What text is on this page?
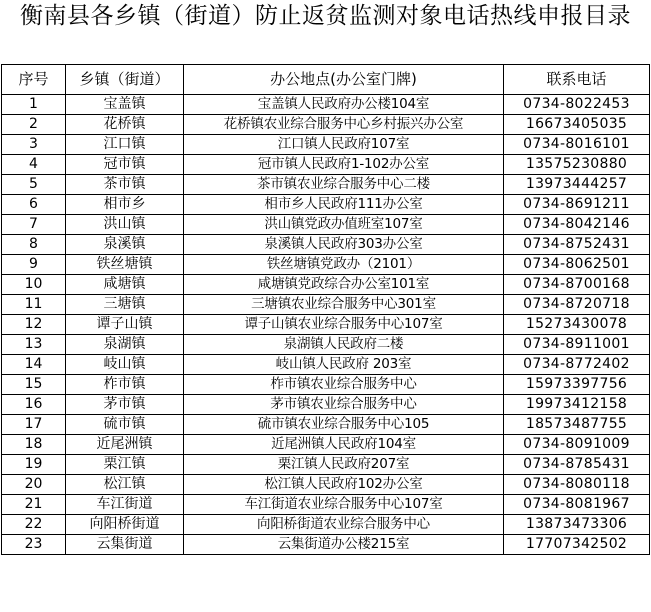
衡南县各乡镇（街道）防止返贫监测对象电话热线申报目录
序号	乡镇（街道）	办公地点(办公室门牌)	联系电话
1	宝盖镇	宝盖镇人民政府办公楼104室	0734-8022453
2	花桥镇	花桥镇农业综合服务中心乡村振兴办公室	16673405035
3	江口镇	江口镇人民政府107室	0734-8016101
4	冠市镇	冠市镇人民政府1-102办公室	13575230880
5	茶市镇	茶市镇农业综合服务中心二楼	13973444257
6	相市乡	相市乡人民政府111办公室	0734-8691211
7	洪山镇	洪山镇党政办值班室107室	0734-8042146
8	泉溪镇	泉溪镇人民政府303办公室	0734-8752431
9	铁丝塘镇	铁丝塘镇党政办（2101）	0734-8062501
10	咸塘镇	咸塘镇党政综合办公室101室	0734-8700168
11	三塘镇	三塘镇农业综合服务中心301室	0734-8720718
12	谭子山镇	谭子山镇农业综合服务中心107室	15273430078
13	泉湖镇	泉湖镇人民政府二楼	0734-8911001
14	岐山镇	岐山镇人民政府 203室	0734-8772402
15	柞市镇	柞市镇农业综合服务中心	15973397756
16	茅市镇	茅市镇农业综合服务中心	19973412158
17	硫市镇	硫市镇农业综合服务中心105	18573487755
18	近尾洲镇	近尾洲镇人民政府104室	0734-8091009
19	栗江镇	栗江镇人民政府207室	0734-8785431
20	松江镇	松江镇人民政府102办公室	0734-8080118
21	车江街道	车江街道农业综合服务中心107室	0734-8081967
22	向阳桥街道	向阳桥街道农业综合服务中心	13873473306
23	云集街道	云集街道办公楼215室	17707342502
